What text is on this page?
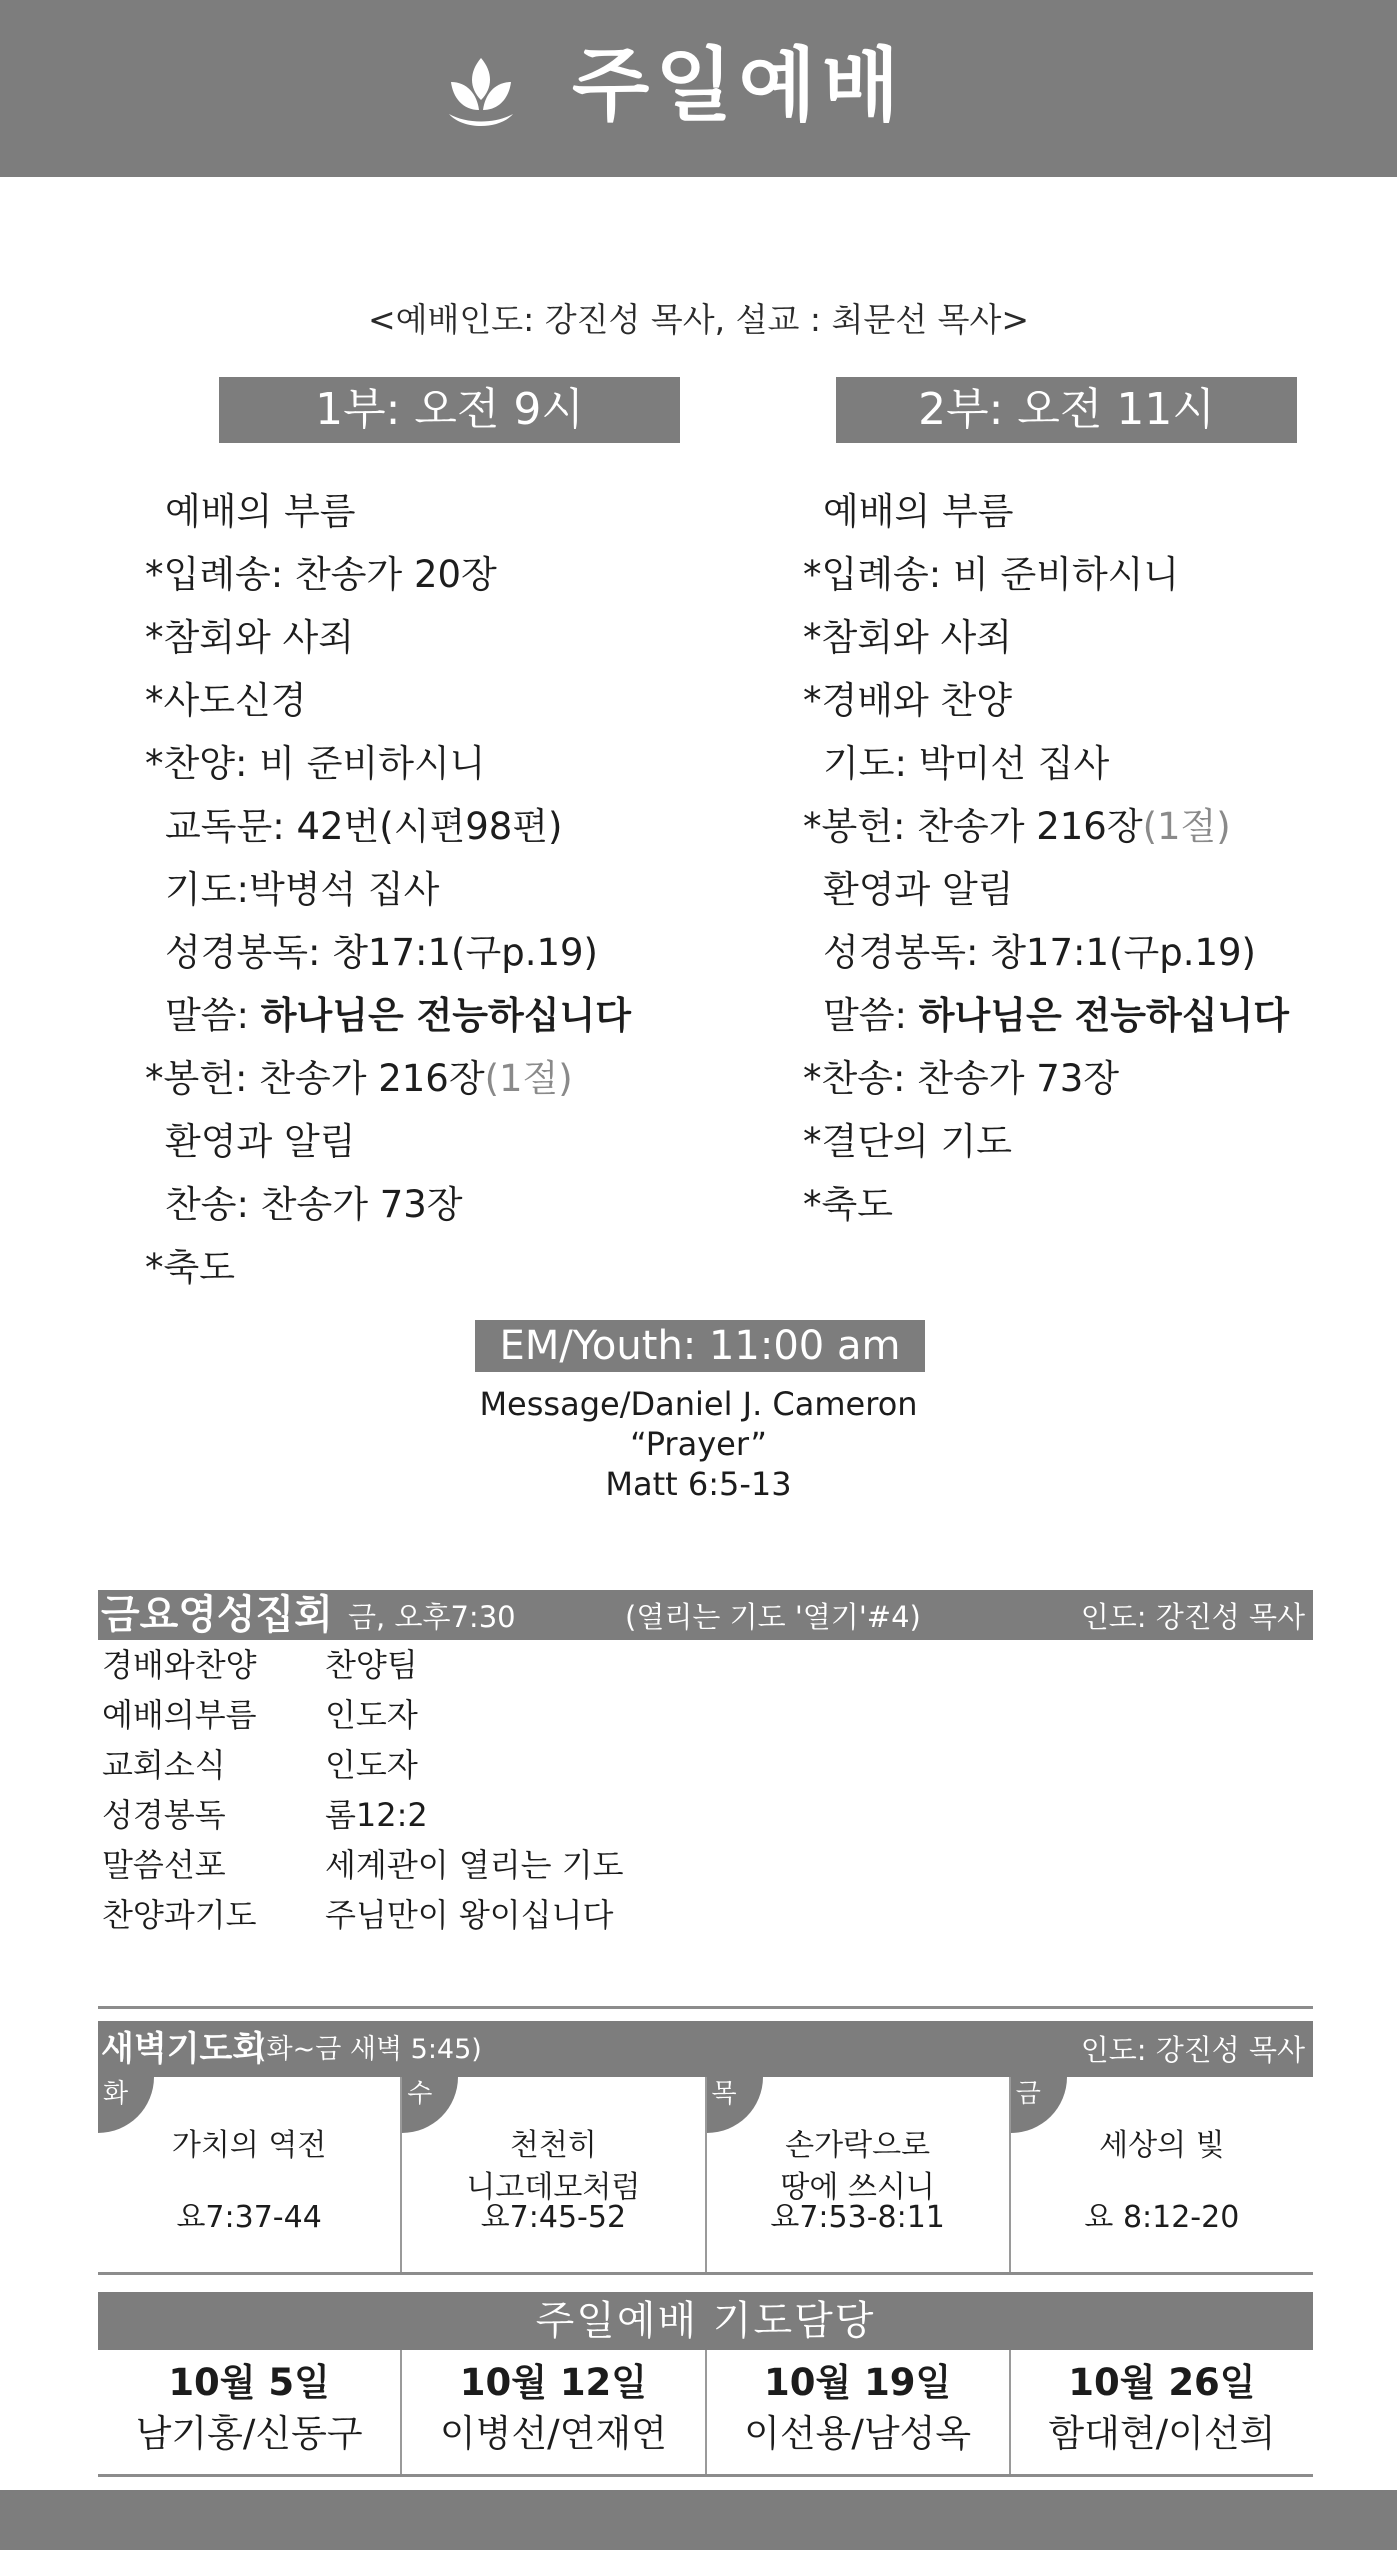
주일예배
<예배인도: 강진성 목사, 설교 : 최문선 목사>
1부: 오전 9시	2부: 오전 11시
예배의 부름
*입례송: 찬송가 20장
*참회와 사죄
*사도신경
*찬양: 비 준비하시니
교독문: 42번(시편98편)
기도:박병석 집사
성경봉독: 창17:1(구p.19)
말씀: 하나님은 전능하십니다
*봉헌: 찬송가 216장(1절)
환영과 알림
찬송: 찬송가 73장
*축도
예배의 부름
*입례송: 비 준비하시니
*참회와 사죄
*경배와 찬양
기도: 박미선 집사
*봉헌: 찬송가 216장(1절)
환영과 알림
성경봉독: 창17:1(구p.19)
말씀: 하나님은 전능하십니다
*찬송: 찬송가 73장
*결단의 기도
*축도
EM/Youth: 11:00 am
Message/Daniel J. Cameron
“Prayer”
Matt 6:5-13
금요영성집회 금, 오후7:30	(열리는 기도 '열기'#4)	인도: 강진성 목사
경배와찬양 찬양팀
예배의부름 인도자
교회소식	인도자
성경봉독	롬12:2
말씀선포	세계관이 열리는 기도
찬양과기도 주님만이 왕이십니다
새벽기도회
(화~금 새벽 5:45)	인도: 강진성 목사
화
가치의 역전
요7:37-44
수
천천히
니고데모처럼
요7:45-52
목
손가락으로
땅에 쓰시니
요7:53-8:11
금
세상의 빛
요 8:12-20
주일예배 기도담당
10월 5일
남기홍/신동구
10월 12일
이병선/연재연
10월 19일
이선용/남성옥
10월 26일
함대현/이선희
